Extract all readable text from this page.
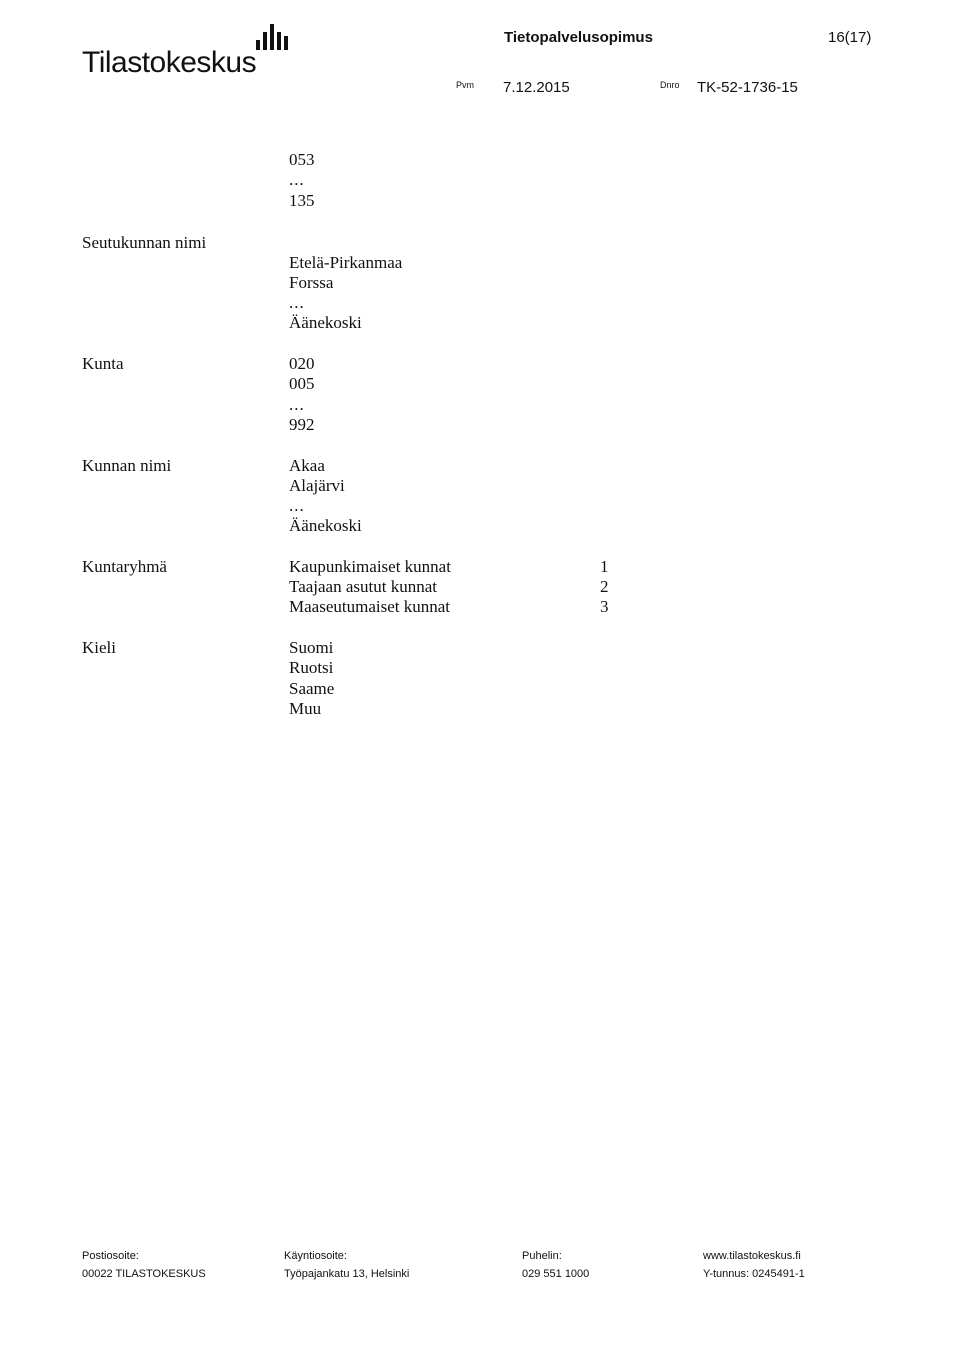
Tilastokeskus
Tietopalvelusopimus	16(17)
Pvm 7.12.2015	Dnro TK-52-1736-15
053
...
135
Seutukunnan nimi
Etelä-Pirkanmaa
Forssa
...
Äänekoski
Kunta	020
005
...
992
Kunnan nimi	Akaa
Alajärvi
...
Äänekoski
Kuntaryhmä	Kaupunkimaiset kunnat	1
Taajaan asutut kunnat	2
Maaseutumaiset kunnat	3
Kieli	Suomi
Ruotsi
Saame
Muu
Postiosoite:
00022 TILASTOKESKUS
Käyntiosoite:
Työpajankatu 13, Helsinki
Puhelin:
029 551 1000
www.tilastokeskus.fi
Y-tunnus: 0245491-1
